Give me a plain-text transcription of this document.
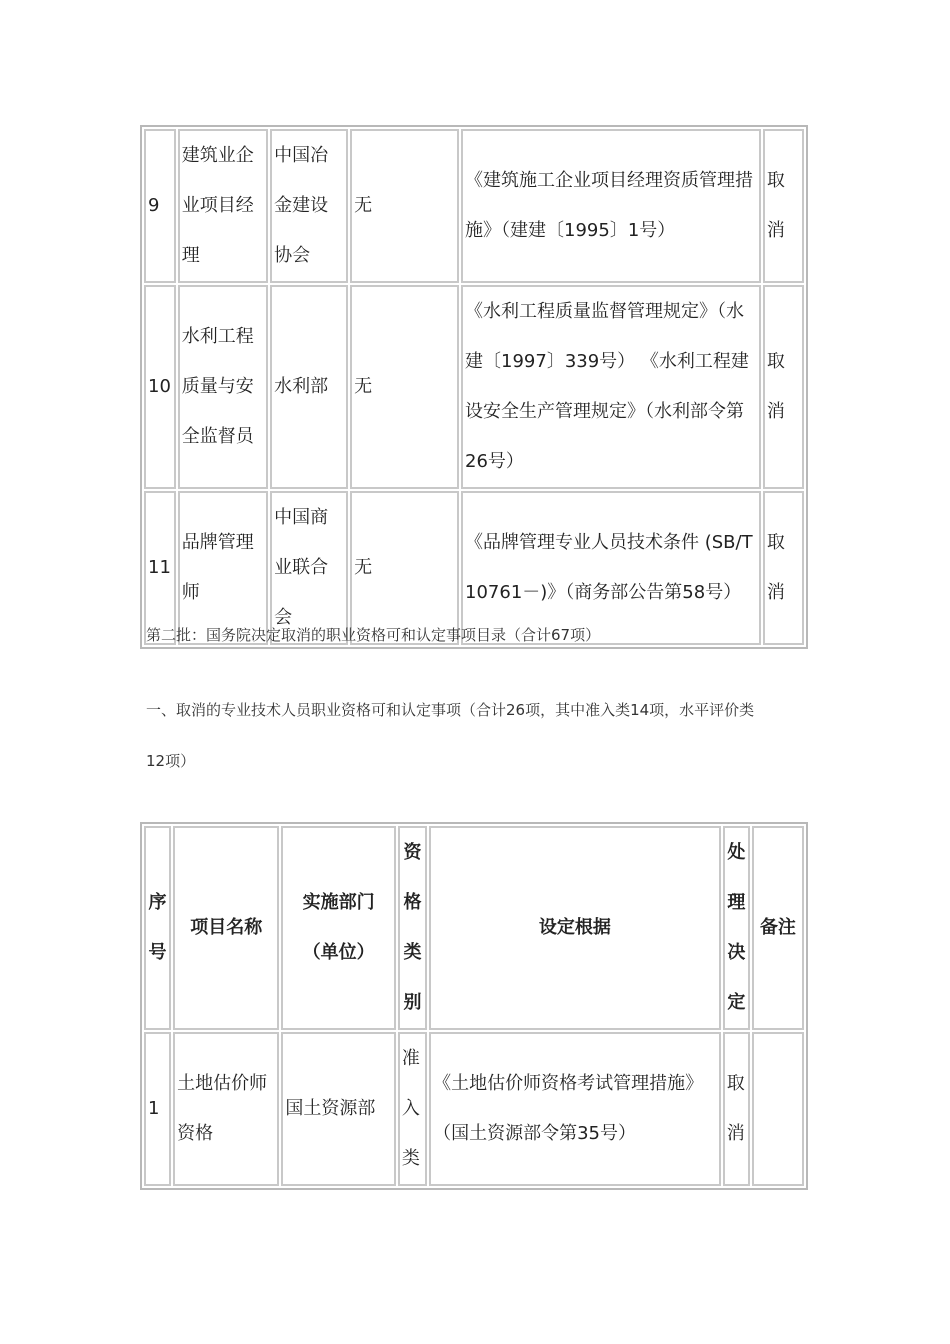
9	建筑业企业项目经理	中国冶金建设协会	无	《建筑施工企业项目经理资质管理措施》（建建〔1995〕1号）	取消
10	水利工程质量与安全监督员	水利部	无	《水利工程质量监督管理规定》（水建〔1997〕339号） 《水利工程建设安全生产管理规定》（水利部令第26号）	取消
11	品牌管理师	中国商业联合会	无	《品牌管理专业人员技术条件 (SB/T 10761－)》（商务部公告第58号）	取消

第二批：国务院决定取消的职业资格可和认定事项目录（合计67项）

一、取消的专业技术人员职业资格可和认定事项（合计26项，其中准入类14项，水平评价类

12项）

序号	项目名称	实施部门（单位）	资格类别	设定根据	处理决定	备注
1	土地估价师资格	国土资源部	准入类	《土地估价师资格考试管理措施》（国土资源部令第35号）	取消	
